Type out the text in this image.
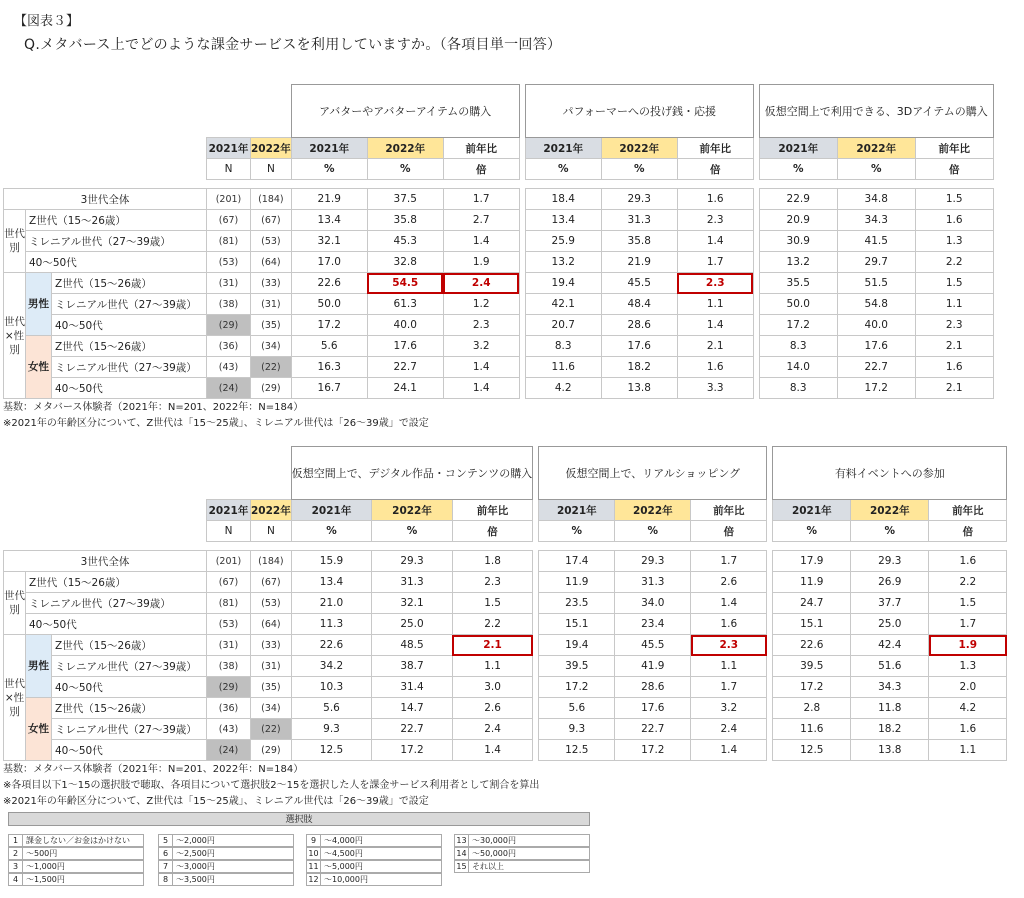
【図表３】
Q.メタバース上でどのような課金サービスを利用していますか。（各項目単一回答）
					アバターやアバターアイテムの購入				パフォーマーへの投げ銭・応援				仮想空間上で利用できる、3Dアイテムの購入		
			2021年	2022年	2021年	2022年	前年比		2021年	2022年	前年比		2021年	2022年	前年比
			N	N	%	%	倍		%	%	倍		%	%	倍

3世代全体			(201)	(184)	21.9	37.5	1.7		18.4	29.3	1.6		22.9	34.8	1.5
世代別	Z世代（15〜26歳）		(67)	(67)	13.4	35.8	2.7		13.4	31.3	2.3		20.9	34.3	1.6
	ミレニアル世代（27〜39歳）		(81)	(53)	32.1	45.3	1.4		25.9	35.8	1.4		30.9	41.5	1.3
	40〜50代		(53)	(64)	17.0	32.8	1.9		13.2	21.9	1.7		13.2	29.7	2.2
世代×性別	男性	Z世代（15〜26歳）	(31)	(33)	22.6	54.5	2.4		19.4	45.5	2.3		35.5	51.5	1.5
		ミレニアル世代（27〜39歳）	(38)	(31)	50.0	61.3	1.2		42.1	48.4	1.1		50.0	54.8	1.1
		40〜50代	(29)	(35)	17.2	40.0	2.3		20.7	28.6	1.4		17.2	40.0	2.3
	女性	Z世代（15〜26歳）	(36)	(34)	5.6	17.6	3.2		8.3	17.6	2.1		8.3	17.6	2.1
		ミレニアル世代（27〜39歳）	(43)	(22)	16.3	22.7	1.4		11.6	18.2	1.6		14.0	22.7	1.6
		40〜50代	(24)	(29)	16.7	24.1	1.4		4.2	13.8	3.3		8.3	17.2	2.1
基数：メタバース体験者（2021年：N=201、2022年：N=184）
※2021年の年齢区分について、Z世代は「15〜25歳」、ミレニアル世代は「26〜39歳」で設定
					仮想空間上で、デジタル作品・コンテンツの購入				仮想空間上で、リアルショッピング				有料イベントへの参加		
			2021年	2022年	2021年	2022年	前年比		2021年	2022年	前年比		2021年	2022年	前年比
			N	N	%	%	倍		%	%	倍		%	%	倍

3世代全体			(201)	(184)	15.9	29.3	1.8		17.4	29.3	1.7		17.9	29.3	1.6
世代別	Z世代（15〜26歳）		(67)	(67)	13.4	31.3	2.3		11.9	31.3	2.6		11.9	26.9	2.2
	ミレニアル世代（27〜39歳）		(81)	(53)	21.0	32.1	1.5		23.5	34.0	1.4		24.7	37.7	1.5
	40〜50代		(53)	(64)	11.3	25.0	2.2		15.1	23.4	1.6		15.1	25.0	1.7
世代×性別	男性	Z世代（15〜26歳）	(31)	(33)	22.6	48.5	2.1		19.4	45.5	2.3		22.6	42.4	1.9
		ミレニアル世代（27〜39歳）	(38)	(31)	34.2	38.7	1.1		39.5	41.9	1.1		39.5	51.6	1.3
		40〜50代	(29)	(35)	10.3	31.4	3.0		17.2	28.6	1.7		17.2	34.3	2.0
	女性	Z世代（15〜26歳）	(36)	(34)	5.6	14.7	2.6		5.6	17.6	3.2		2.8	11.8	4.2
		ミレニアル世代（27〜39歳）	(43)	(22)	9.3	22.7	2.4		9.3	22.7	2.4		11.6	18.2	1.6
		40〜50代	(24)	(29)	12.5	17.2	1.4		12.5	17.2	1.4		12.5	13.8	1.1
基数：メタバース体験者（2021年：N=201、2022年：N=184）
※各項目以下1〜15の選択肢で聴取、各項目について選択肢2〜15を選択した人を課金サービス利用者として割合を算出
※2021年の年齢区分について、Z世代は「15〜25歳」、ミレニアル世代は「26〜39歳」で設定
選択肢
1 課金しない／お金はかけない
2 〜500円
3 〜1,000円
4 〜1,500円
5 〜2,000円
6 〜2,500円
7 〜3,000円
8 〜3,500円
9 〜4,000円
10 〜4,500円
11 〜5,000円
12 〜10,000円
13 〜30,000円
14 〜50,000円
15 それ以上
